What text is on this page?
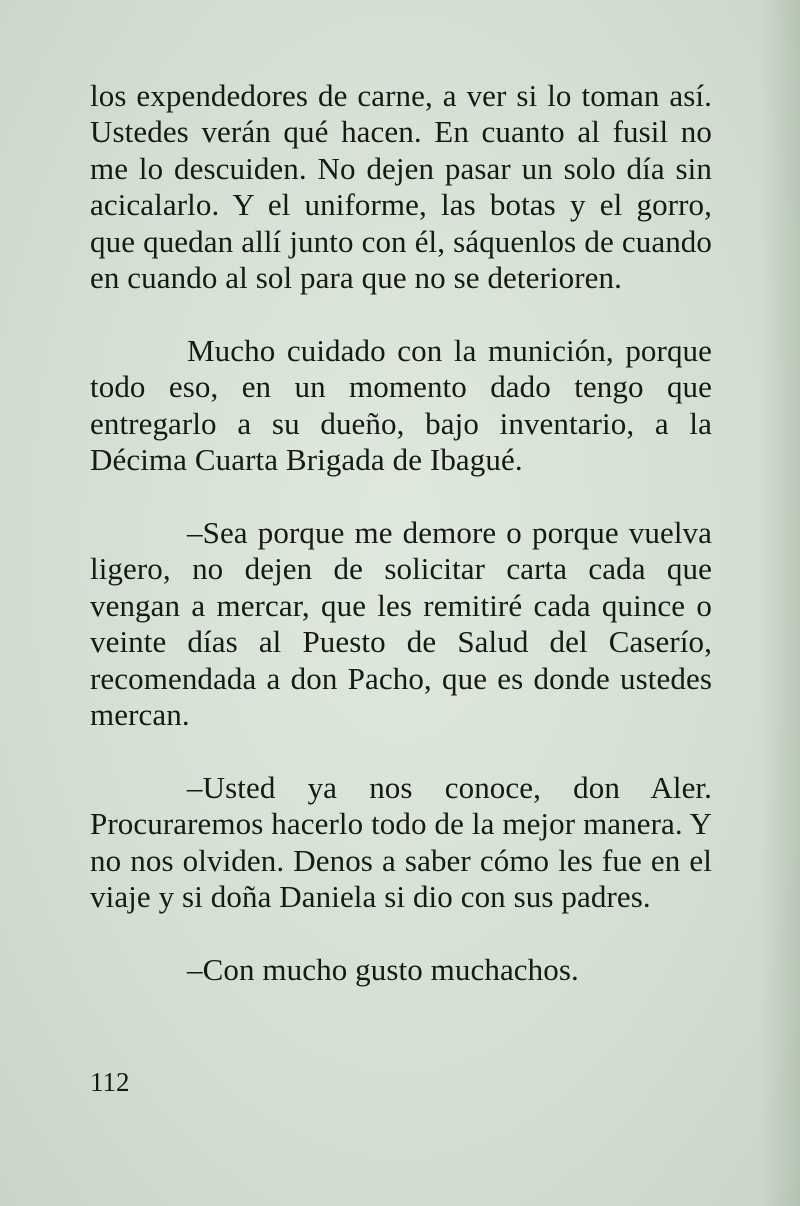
los expendedores de carne, a ver si lo toman así. Ustedes verán qué hacen. En cuanto al fusil no me lo descuiden. No dejen pasar un solo día sin acicalarlo. Y el uniforme, las botas y el gorro, que quedan allí junto con él, sáquenlos de cuando en cuando al sol para que no se deterioren.

Mucho cuidado con la munición, porque todo eso, en un momento dado tengo que entregarlo a su dueño, bajo inventario, a la Décima Cuarta Brigada de Ibagué.

–Sea porque me demore o porque vuelva ligero, no dejen de solicitar carta cada que vengan a mercar, que les remitiré cada quince o veinte días al Puesto de Salud del Caserío, recomendada a don Pacho, que es donde ustedes mercan.

–Usted ya nos conoce, don Aler. Procuraremos hacerlo todo de la mejor manera. Y no nos olviden. Denos a saber cómo les fue en el viaje y si doña Daniela si dio con sus padres.

–Con mucho gusto muchachos.

112
